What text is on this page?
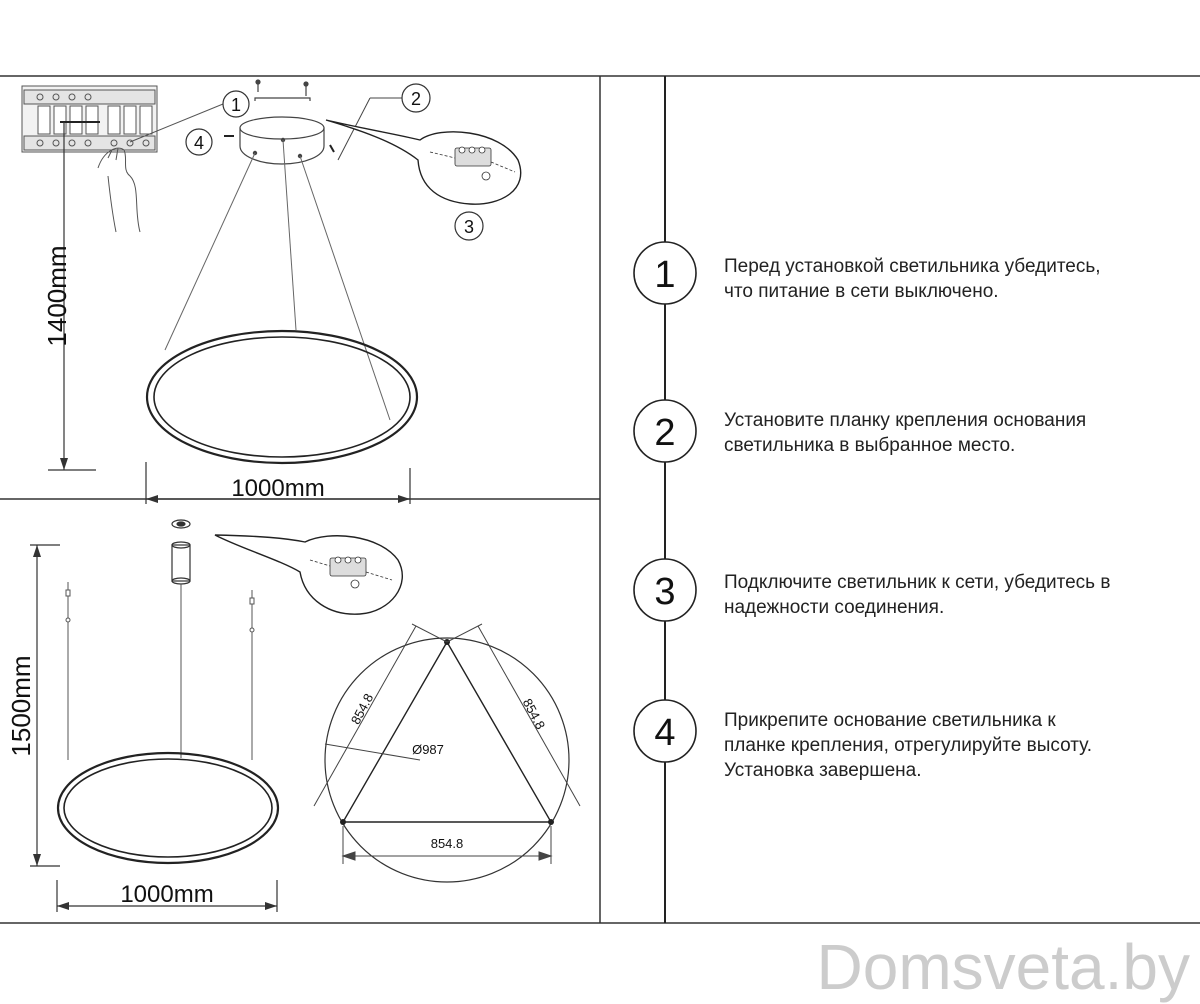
1400mm
1000mm
1
4
2
3
1500mm
1000mm
854.8	854.8
854.8
Ø987
1
2
3
4
Перед установкой светильника убедитесь,
что питание в сети выключено.
Установите планку крепления основания
светильника в выбранное место.
Подключите светильник к сети, убедитесь в
надежности соединения.
Прикрепите основание светильника к
планке крепления, отрегулируйте высоту.
Установка завершена.
Domsveta.by
